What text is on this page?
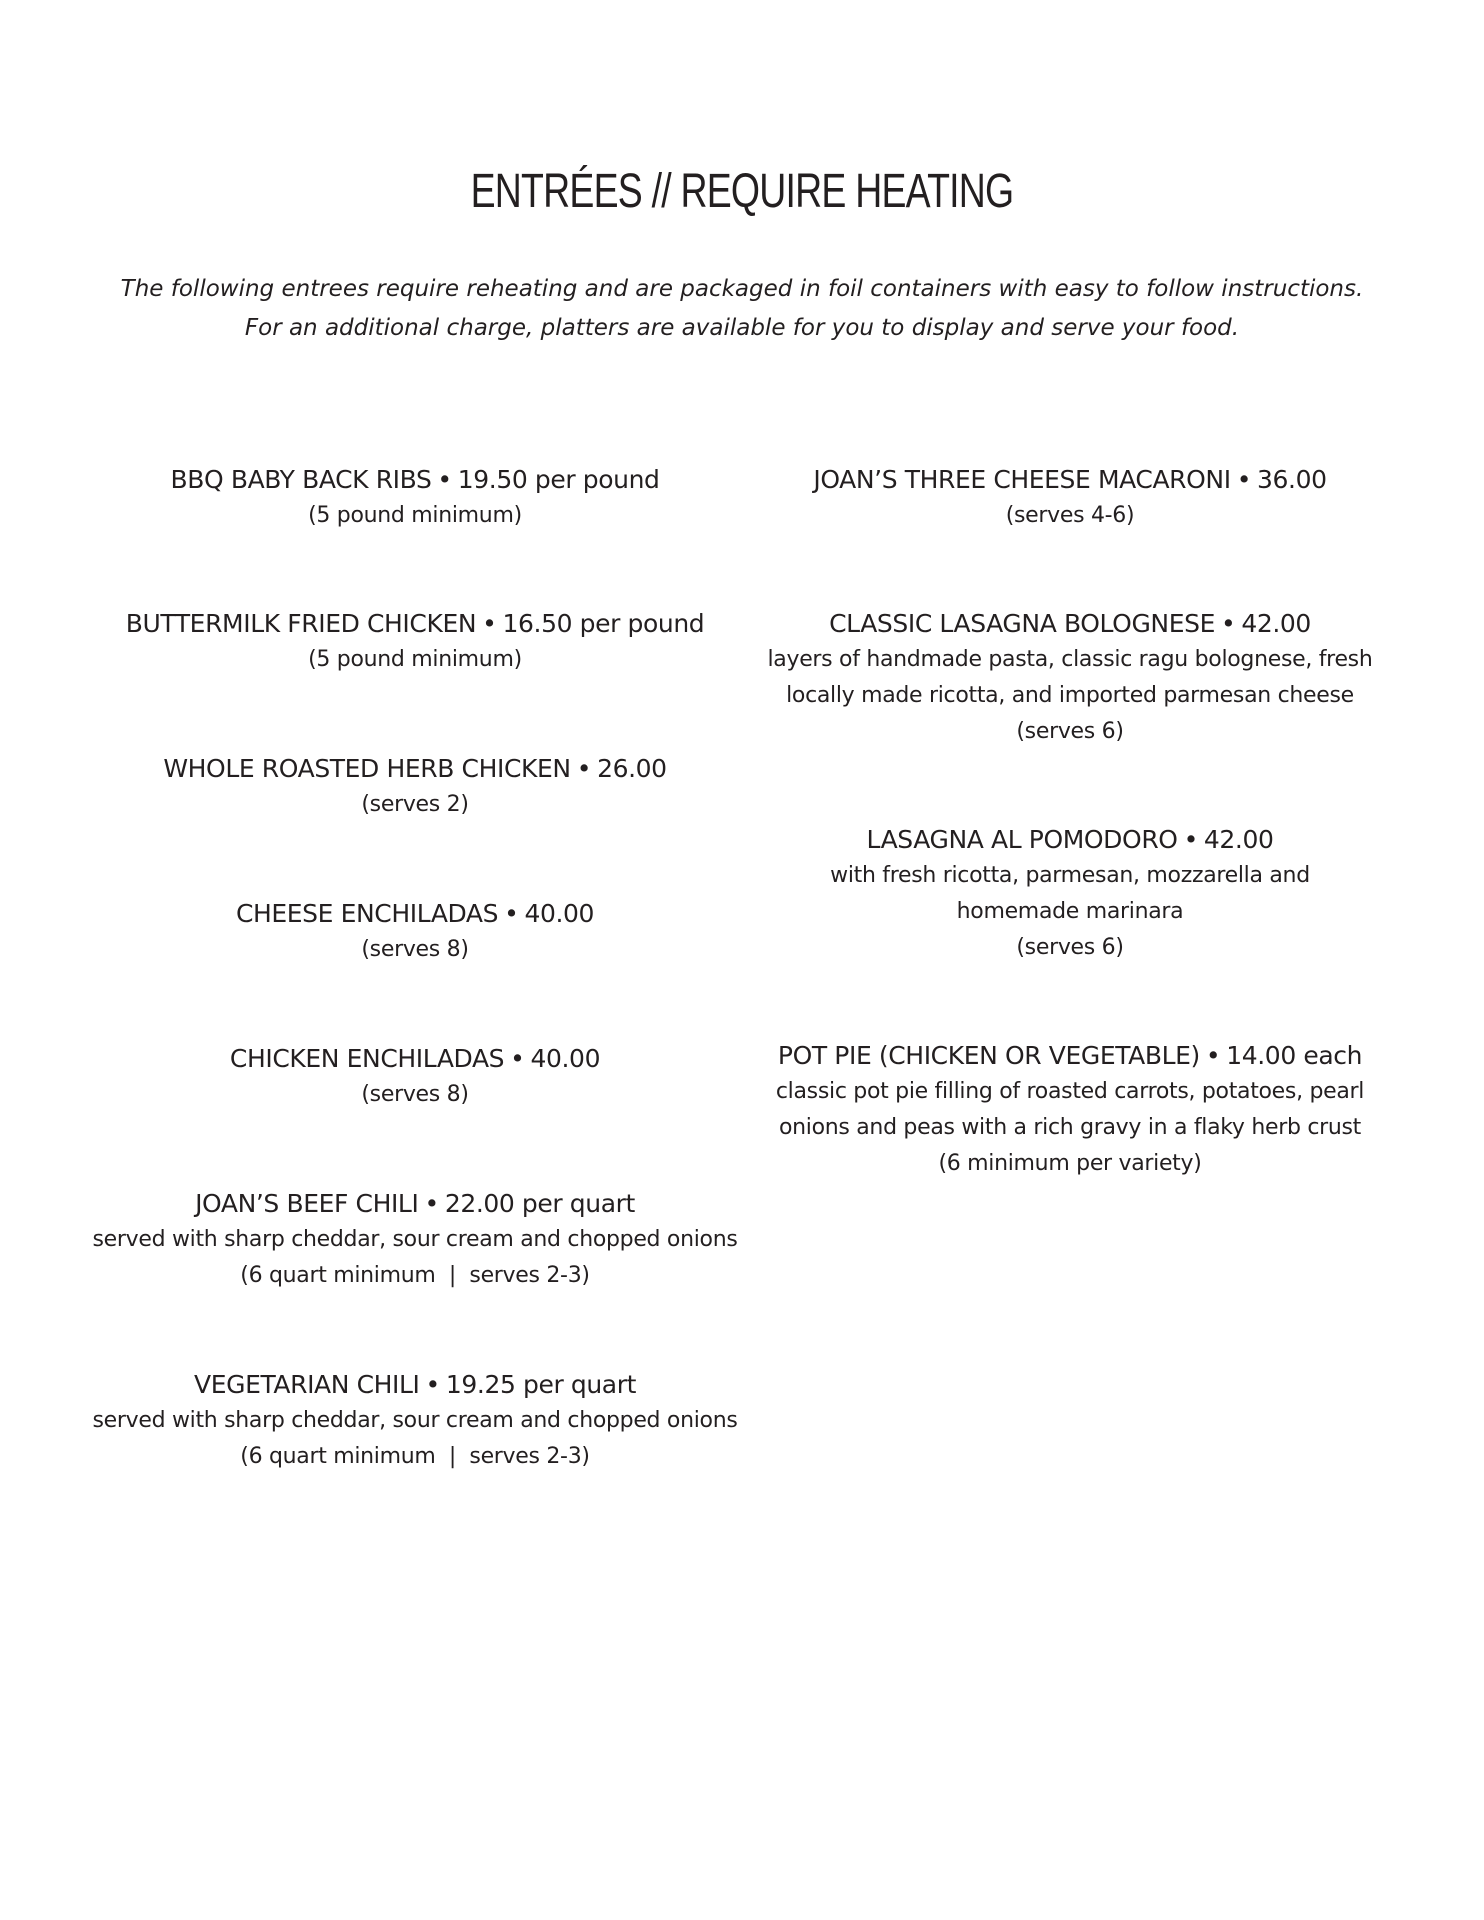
ENTRÉES // REQUIRE HEATING

The following entrees require reheating and are packaged in foil containers with easy to follow instructions.

For an additional charge, platters are available for you to display and serve your food.

BBQ BABY BACK RIBS • 19.50 per pound

(5 pound minimum)

BUTTERMILK FRIED CHICKEN • 16.50 per pound

(5 pound minimum)

WHOLE ROASTED HERB CHICKEN • 26.00

(serves 2)

CHEESE ENCHILADAS • 40.00

(serves 8)

CHICKEN ENCHILADAS • 40.00

(serves 8)

JOAN’S BEEF CHILI • 22.00 per quart

served with sharp cheddar, sour cream and chopped onions

(6 quart minimum  |  serves 2-3)

VEGETARIAN CHILI • 19.25 per quart

served with sharp cheddar, sour cream and chopped onions

(6 quart minimum  |  serves 2-3)

JOAN’S THREE CHEESE MACARONI • 36.00

(serves 4-6)

CLASSIC LASAGNA BOLOGNESE • 42.00

layers of handmade pasta, classic ragu bolognese, fresh

locally made ricotta, and imported parmesan cheese

(serves 6)

LASAGNA AL POMODORO • 42.00

with fresh ricotta, parmesan, mozzarella and

homemade marinara

(serves 6)

POT PIE (CHICKEN OR VEGETABLE) • 14.00 each

classic pot pie filling of roasted carrots, potatoes, pearl

onions and peas with a rich gravy in a flaky herb crust

(6 minimum per variety)
